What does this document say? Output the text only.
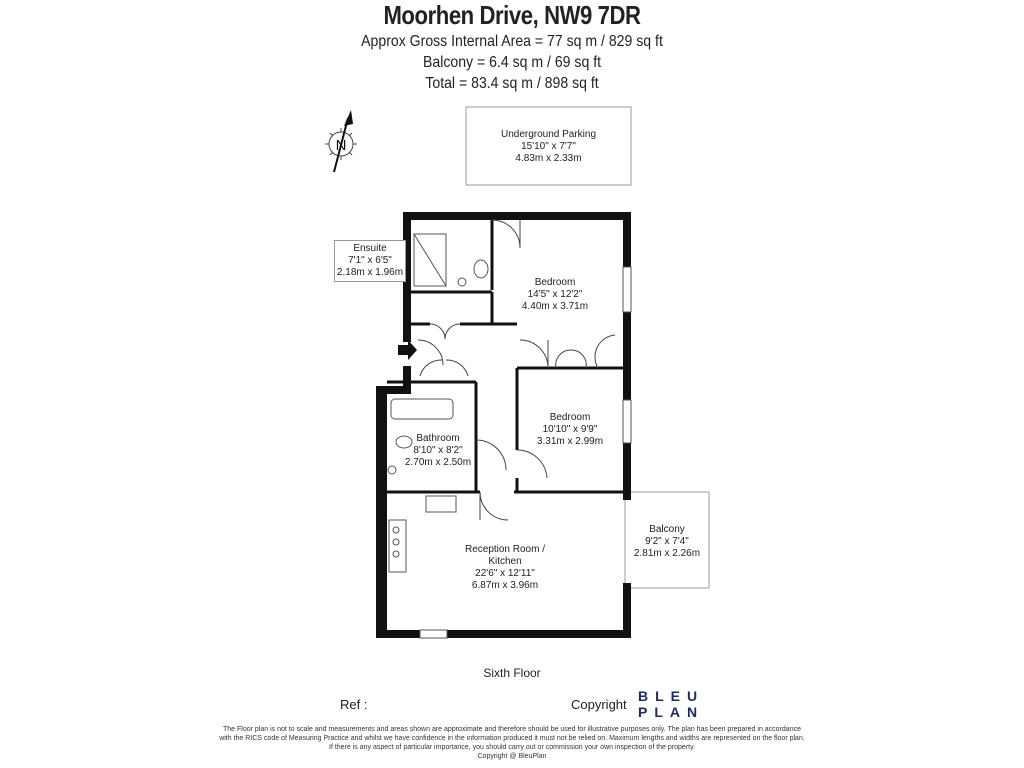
Moorhen Drive, NW9 7DR
Approx Gross Internal Area = 77 sq m / 829 sq ft
Balcony = 6.4 sq m / 69 sq ft
Total = 83.4 sq m / 898 sq ft
N
Underground Parking
15'10" x 7'7"
4.83m x 2.33m
Ensuite
7'1" x 6'5"
2.18m x 1.96m
Bedroom
14'5" x 12'2"
4.40m x 3.71m
Bedroom
10'10" x 9'9"
3.31m x 2.99m
Bathroom
8'10" x 8'2"
2.70m x 2.50m
Reception Room /
Kitchen
22'6" x 12'11"
6.87m x 3.96m
Balcony
9'2" x 7'4"
2.81m x 2.26m
Sixth Floor
Ref :	Copyright
BLEU
PLAN
The Floor plan is not to scale and measurements and areas shown are approximate and therefore should be used for illustrative purposes only. The plan has been prepared in accordance
with the RICS code of Measuring Practice and whilst we have confidence in the information produced it must not be relied on. Maximum lengths and widths are represented on the floor plan.
If there is any aspect of particular importance, you should carry out or commission your own inspection of the property.
Copyright @ BleuPlan
